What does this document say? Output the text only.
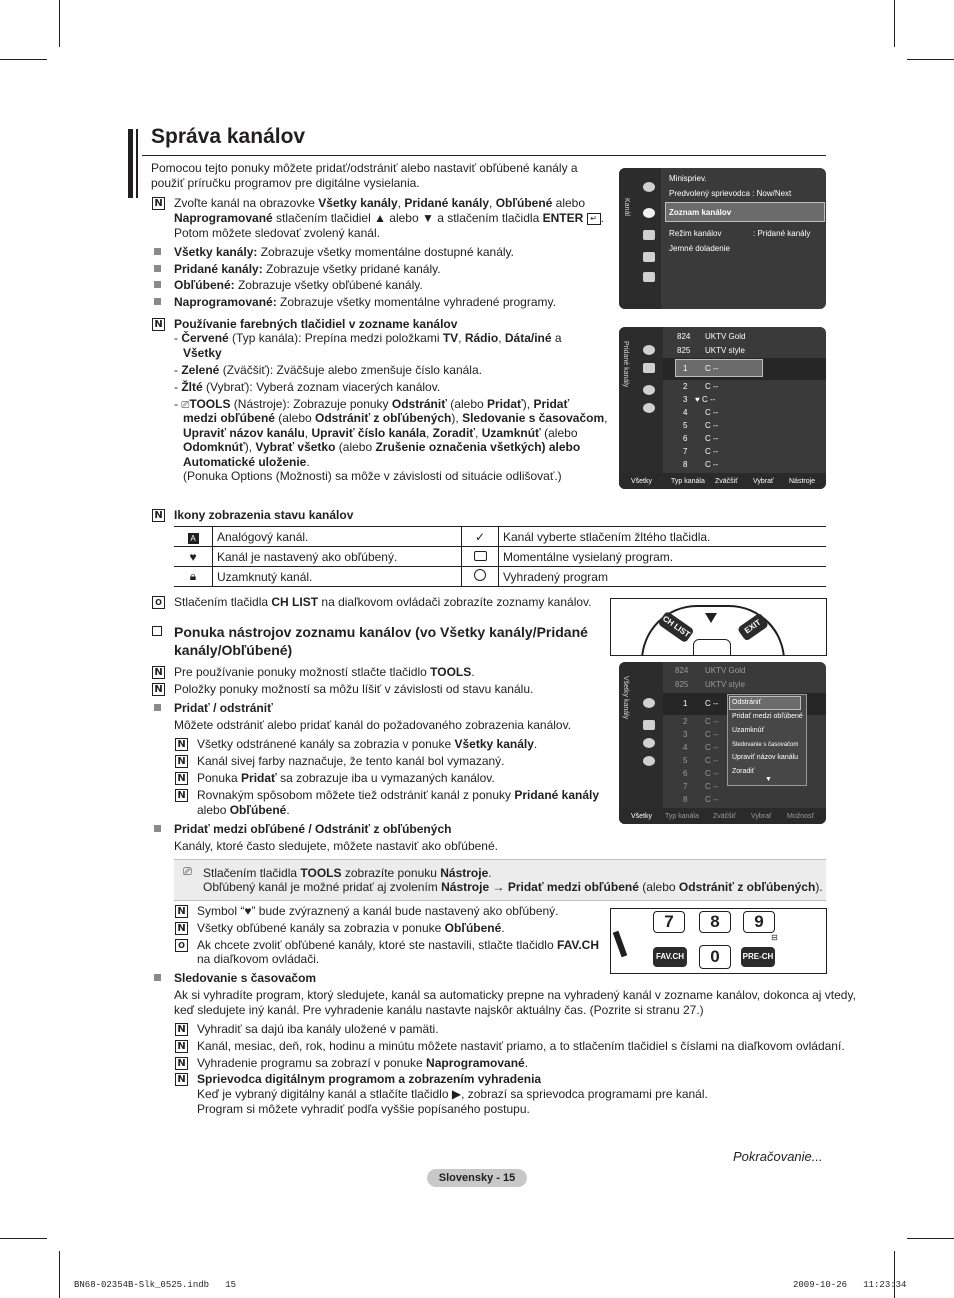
Správa kanálov
Pomocou tejto ponuky môžete pridať/odstrániť alebo nastaviť obľúbené kanály a použiť príručku programov pre digitálne vysielania.
N Zvoľte kanál na obrazovke Všetky kanály, Pridané kanály, Obľúbené alebo
Naprogramované stlačením tlačidiel ▲ alebo ▼ a stlačením tlačidla ENTER ↵ .
Potom môžete sledovať zvolený kanál.
Všetky kanály: Zobrazuje všetky momentálne dostupné kanály.
Pridané kanály: Zobrazuje všetky pridané kanály.
Obľúbené: Zobrazuje všetky obľúbené kanály.
Naprogramované: Zobrazuje všetky momentálne vyhradené programy.
Kanál
Minispriev.
Predvolený sprievodca : Now/Next
Zoznam kanálov
Režim kanálov	: Pridané kanály
Jemné doladenie
N Používanie farebných tlačidiel v zozname kanálov
- Červené (Typ kanála): Prepína medzi položkami TV, Rádio, Dáta/iné a
Všetky
- Zelené (Zväčšiť): Zväčšuje alebo zmenšuje číslo kanála.
- Žlté (Vybrať): Vyberá zoznam viacerých kanálov.
- ⎚TOOLS (Nástroje): Zobrazuje ponuky Odstrániť (alebo Pridať), Pridať
medzi obľúbené (alebo Odstrániť z obľúbených), Sledovanie s časovačom,
Upraviť názov kanálu, Upraviť číslo kanála, Zoradiť, Uzamknúť (alebo
Odomknúť), Vybrať všetko (alebo Zrušenie označenia všetkých) alebo
Automatické uloženie.
(Ponuka Options (Možnosti) sa môže v závislosti od situácie odlišovať.)
Pridané kanály
824 UKTV Gold
825 UKTV style
1 C --
2 C --
3 ♥ C --
4 C --
5 C --
6 C --
7 C --
8 C --
Všetky	Typ kanála Zväčšiť Vybrať Nástroje
N Ikony zobrazenia stavu kanálov
A	Analógový kanál.	✓	Kanál vyberte stlačením žltého tlačidla.
♥	Kanál je nastavený ako obľúbený.		Momentálne vysielaný program.
🔒︎	Uzamknutý kanál.		Vyhradený program
O Stlačením tlačidla CH LIST na diaľkovom ovládači zobrazíte zoznamy kanálov.
CH LIST	EXIT
Ponuka nástrojov zoznamu kanálov (vo Všetky kanály/Pridané
kanály/Obľúbené)
N Pre používanie ponuky možností stlačte tlačidlo TOOLS.
N Položky ponuky možností sa môžu líšiť v závislosti od stavu kanálu.
Pridať / odstrániť
Môžete odstrániť alebo pridať kanál do požadovaného zobrazenia kanálov.
N Všetky odstránené kanály sa zobrazia v ponuke Všetky kanály.
N Kanál sivej farby naznačuje, že tento kanál bol vymazaný.
N Ponuka Pridať sa zobrazuje iba u vymazaných kanálov.
N Rovnakým spôsobom môžete tiež odstrániť kanál z ponuky Pridané kanály
alebo Obľúbené.
Všetky kanály
824 UKTV Gold
825 UKTV style
1 C --
2 C --
3 C --
4 C --
5 C --
6 C --
7 C --
8 C --
Odstrániť
Pridať medzi obľúbené
Uzamknúť
Sledovanie s časovačom
Upraviť názov kanálu
Zoradiť
▼
Všetky Typ kanála Zväčšiť Vybrať Možnosť
Pridať medzi obľúbené / Odstrániť z obľúbených
Kanály, ktoré často sledujete, môžete nastaviť ako obľúbené.
⎚ Stlačením tlačidla TOOLS zobrazíte ponuku Nástroje.
Obľúbený kanál je možné pridať aj zvolením Nástroje → Pridať medzi obľúbené (alebo Odstrániť z obľúbených).
N Symbol “♥” bude zvýraznený a kanál bude nastavený ako obľúbený.
N Všetky obľúbené kanály sa zobrazia v ponuke Obľúbené.
O Ak chcete zvoliť obľúbené kanály, ktoré ste nastavili, stlačte tlačidlo FAV.CH
na diaľkovom ovládači.
7	8	9
FAV.CH	0	PRE-CH
⊟
Sledovanie s časovačom
Ak si vyhradíte program, ktorý sledujete, kanál sa automaticky prepne na vyhradený kanál v zozname kanálov, dokonca aj vtedy,
keď sledujete iný kanál. Pre vyhradenie kanálu nastavte najskôr aktuálny čas. (Pozrite si stranu 27.)
N Vyhradiť sa dajú iba kanály uložené v pamäti.
N Kanál, mesiac, deň, rok, hodinu a minútu môžete nastaviť priamo, a to stlačením tlačidiel s číslami na diaľkovom ovládaní.
N Vyhradenie programu sa zobrazí v ponuke Naprogramované.
N Sprievodca digitálnym programom a zobrazením vyhradenia
Keď je vybraný digitálny kanál a stlačíte tlačidlo ▶, zobrazí sa sprievodca programami pre kanál.
Program si môžete vyhradiť podľa vyššie popísaného postupu.
Pokračovanie...
Slovensky - 15
BN68-02354B-Slk_0525.indb   15	2009-10-26   11:23:34
